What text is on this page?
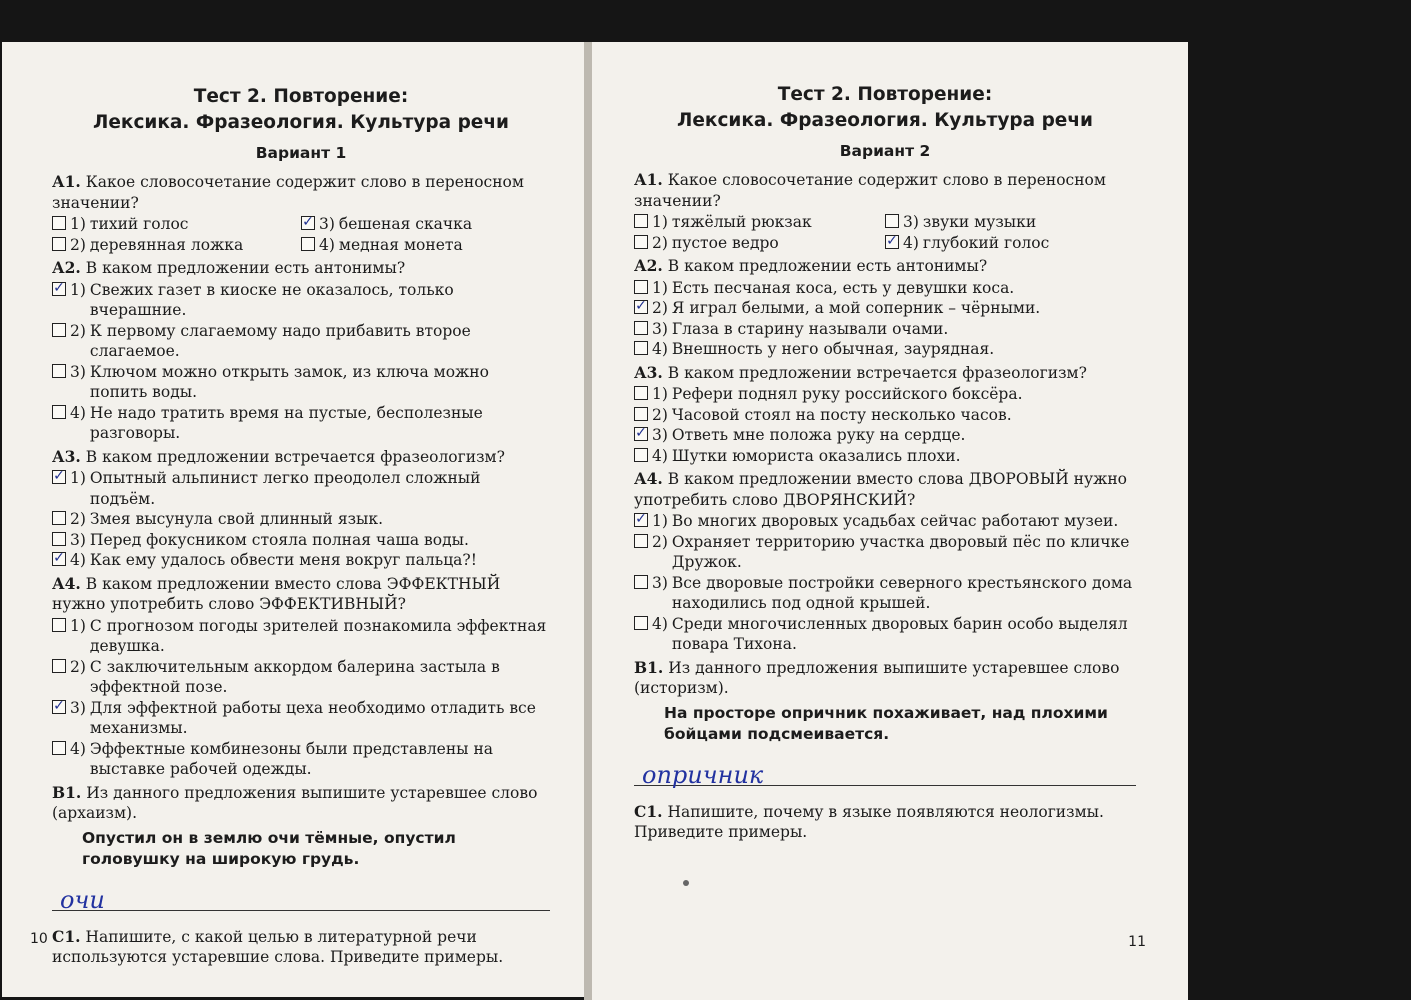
Тест 2. Повторение:

Лексика. Фразеология. Культура речи

Вариант 1

А1. Какое словосочетание содержит слово в переносном значении?

1) тихий голос	✓ 3) бешеная скачка
2) деревянная ложка	4) медная монета

А2. В каком предложении есть антонимы?

✓ 1) Свежих газет в киоске не оказалось, только вчерашние.
2) К первому слагаемому надо прибавить второе слагаемое.
3) Ключом можно открыть замок, из ключа можно попить воды.
4) Не надо тратить время на пустые, бесполезные разговоры.

А3. В каком предложении встречается фразеологизм?

✓ 1) Опытный альпинист легко преодолел сложный подъём.
2) Змея высунула свой длинный язык.
3) Перед фокусником стояла полная чаша воды.
✓ 4) Как ему удалось обвести меня вокруг пальца?!

А4. В каком предложении вместо слова ЭФФЕКТНЫЙ нужно употребить слово ЭФФЕКТИВНЫЙ?

1) С прогнозом погоды зрителей познакомила эффектная девушка.
2) С заключительным аккордом балерина застыла в эффектной позе.
✓ 3) Для эффектной работы цеха необходимо отладить все механизмы.
4) Эффектные комбинезоны были представлены на выставке рабочей одежды.

В1. Из данного предложения выпишите устаревшее слово (архаизм).

Опустил он в землю очи тёмные, опустил головушку на широкую грудь.

очи

С1. Напишите, с какой целью в литературной речи используются устаревшие слова. Приведите примеры.

10

Тест 2. Повторение:

Лексика. Фразеология. Культура речи

Вариант 2

А1. Какое словосочетание содержит слово в переносном значении?

1) тяжёлый рюкзак	3) звуки музыки
2) пустое ведро	✓ 4) глубокий голос

А2. В каком предложении есть антонимы?

1) Есть песчаная коса, есть у девушки коса.
✓ 2) Я играл белыми, а мой соперник – чёрными.
3) Глаза в старину называли очами.
4) Внешность у него обычная, заурядная.

А3. В каком предложении встречается фразеологизм?

1) Рефери поднял руку российского боксёра.
2) Часовой стоял на посту несколько часов.
✓ 3) Ответь мне положа руку на сердце.
4) Шутки юмориста оказались плохи.

А4. В каком предложении вместо слова ДВОРОВЫЙ нужно употребить слово ДВОРЯНСКИЙ?

✓ 1) Во многих дворовых усадьбах сейчас работают музеи.
2) Охраняет территорию участка дворовый пёс по кличке Дружок.
3) Все дворовые постройки северного крестьянского дома находились под одной крышей.
4) Среди многочисленных дворовых барин особо выделял повара Тихона.

В1. Из данного предложения выпишите устаревшее слово (историзм).

На просторе опричник похаживает, над плохими бойцами подсмеивается.

опричник

С1. Напишите, почему в языке появляются неологизмы. Приведите примеры.

11
